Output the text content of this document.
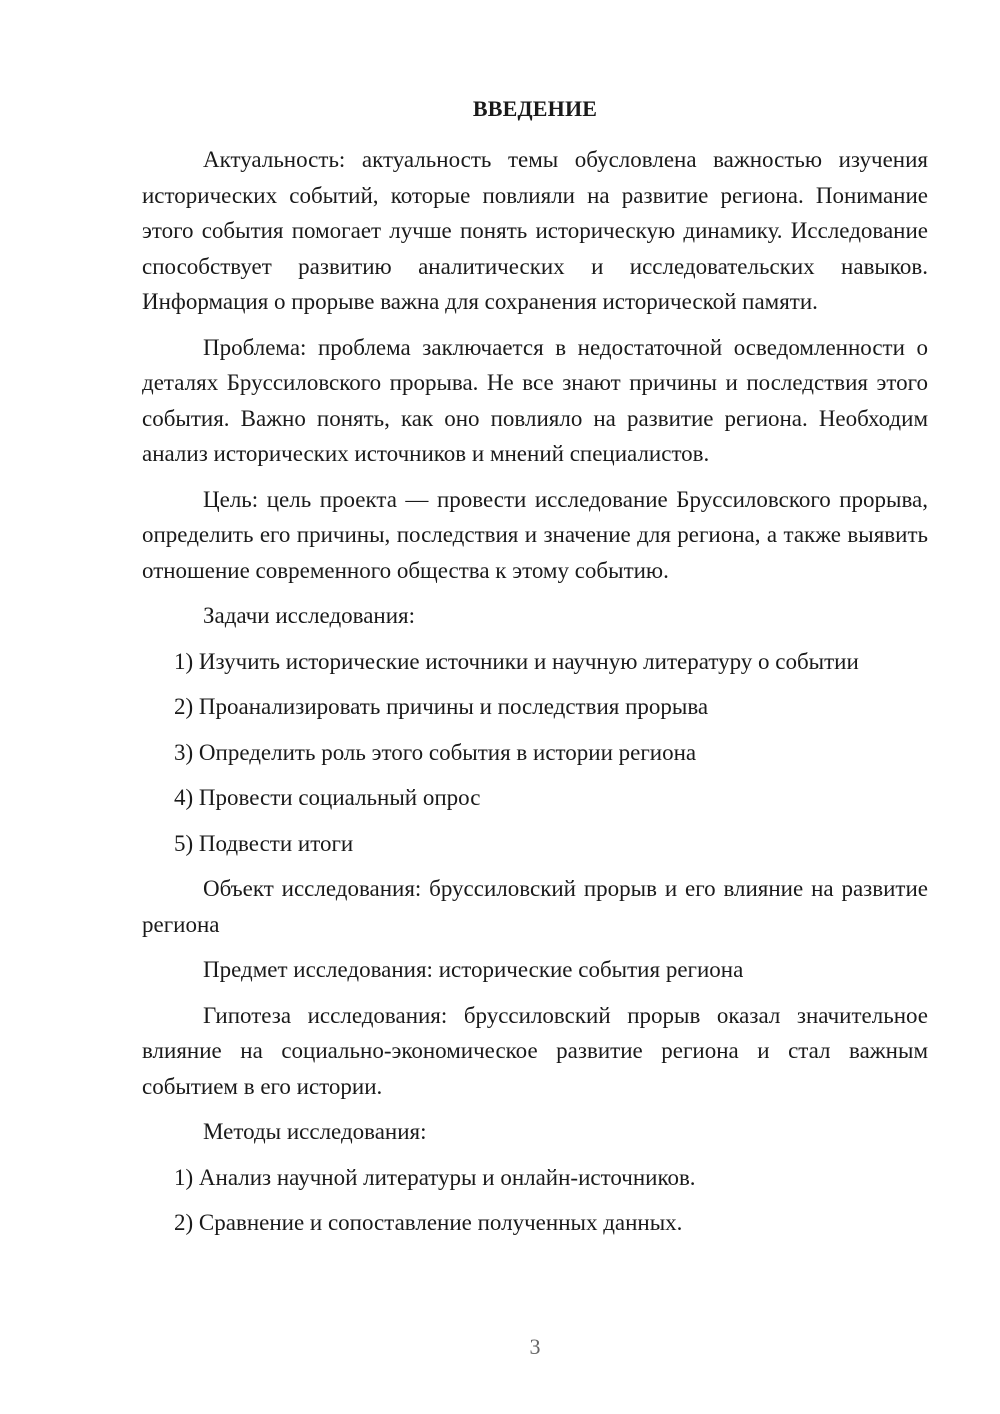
ВВЕДЕНИЕ

Актуальность: актуальность темы обусловлена важностью изучения исторических событий, которые повлияли на развитие региона. Понимание этого события помогает лучше понять историческую динамику. Исследование способствует развитию аналитических и исследовательских навыков. Информация о прорыве важна для сохранения исторической памяти.

Проблема: проблема заключается в недостаточной осведомленности о деталях Бруссиловского прорыва. Не все знают причины и последствия этого события. Важно понять, как оно повлияло на развитие региона. Необходим анализ исторических источников и мнений специалистов.

Цель: цель проекта — провести исследование Бруссиловского прорыва, определить его причины, последствия и значение для региона, а также выявить отношение современного общества к этому событию.

Задачи исследования:

1) Изучить исторические источники и научную литературу о событии

2) Проанализировать причины и последствия прорыва

3) Определить роль этого события в истории региона

4) Провести социальный опрос

5) Подвести итоги

Объект исследования: бруссиловский прорыв и его влияние на развитие региона

Предмет исследования: исторические события региона

Гипотеза исследования: бруссиловский прорыв оказал значительное влияние на социально-экономическое развитие региона и стал важным событием в его истории.

Методы исследования:

1) Анализ научной литературы и онлайн-источников.

2) Сравнение и сопоставление полученных данных.

3
